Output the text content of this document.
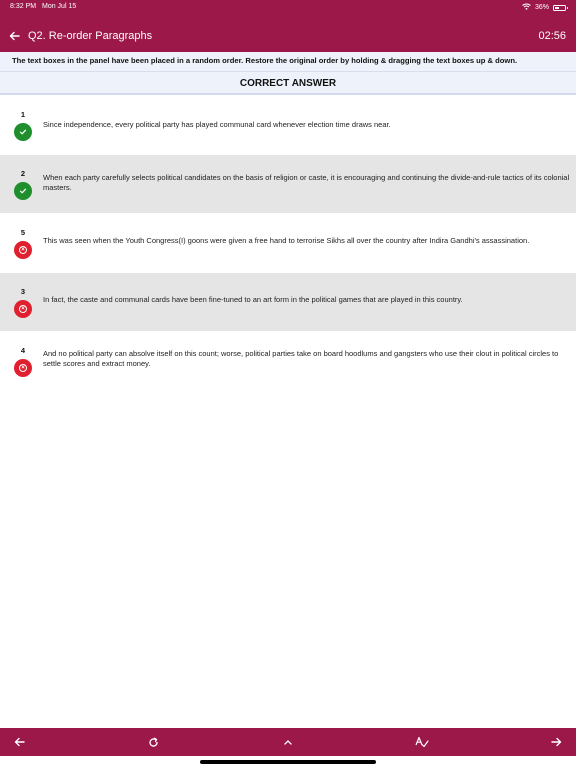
8:32 PM Mon Jul 15	36%
Q2. Re-order Paragraphs	02:56
The text boxes in the panel have been placed in a random order. Restore the original order by holding & dragging the text boxes up & down.
CORRECT ANSWER
1
Since independence, every political party has played communal card whenever election time draws near.
2	When each party carefully selects political candidates on the basis of religion or caste, it is encouraging and continuing the divide-and-rule tactics of its colonial masters.
5
×
This was seen when the Youth Congress(I) goons were given a free hand to terrorise Sikhs all over the country after Indira Gandhi's assassination.
3
×
In fact, the caste and communal cards have been fine-tuned to an art form in the political games that are played in this country.
4
×
And no political party can absolve itself on this count; worse, political parties take on board hoodlums and gangsters who use their clout in political circles to settle scores and extract money.
